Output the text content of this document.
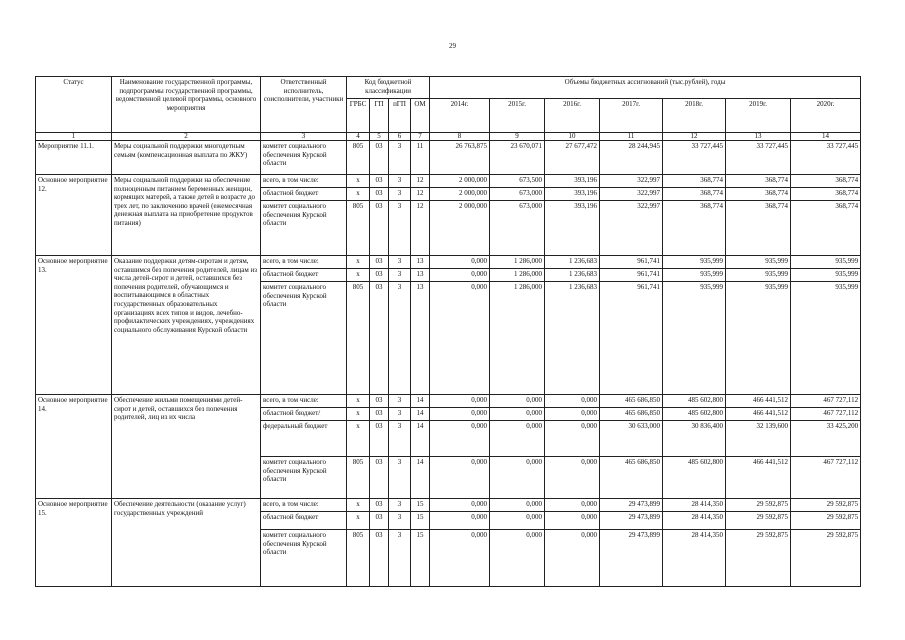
29
Статус	Наименование государственной программы, подпрограммы государственной программы, ведомственной целевой программы, основного мероприятия	Ответственный исполнитель, соисполнители, участники	Код бюджетной классификации				Объемы бюджетных ассигнований (тыс.рублей), годы						
			ГРБС	ГП	пГП	ОМ	2014г.	2015г.	2016г.	2017г.	2018г.	2019г.	2020г.
1	2	3	4	5	6	7	8	9	10	11	12	13	14
Мероприятие 11.1.	Меры социальной поддержки многодетным семьям (компенсационная выплата по ЖКУ)	комитет социального обеспечения Курской области	805	03	3	11	26 763,875	23 670,071	27 677,472	28 244,945	33 727,445	33 727,445	33 727,445
Основное мероприятие 12.	Меры социальной поддержки на обеспечение полноценным питанием беременных женщин, кормящих матерей, а также детей в возрасте до трех лет, по заключению врачей (ежемесячная денежная выплата на приобретение продуктов питания)	всего, в том числе:	x	03	3	12	2 000,000	673,500	393,196	322,997	368,774	368,774	368,774
		областной бюджет	x	03	3	12	2 000,000	673,000	393,196	322,997	368,774	368,774	368,774
		комитет социального обеспечения Курской области	805	03	3	12	2 000,000	673,000	393,196	322,997	368,774	368,774	368,774
Основное мероприятие 13.	Оказание поддержки детям-сиротам и детям, оставшимся без попечения родителей, лицам из числа детей-сирот и детей, оставшихся без попечения родителей, обучающимся и воспитывающимся в областных государственных образовательных организациях всех типов и видов, лечебно-профилактических учреждениях, учреждениях социального обслуживания Курской области	всего, в том числе:	x	03	3	13	0,000	1 286,000	1 236,683	961,741	935,999	935,999	935,999
		областной бюджет	x	03	3	13	0,000	1 286,000	1 236,683	961,741	935,999	935,999	935,999
		комитет социального обеспечения Курской области	805	03	3	13	0,000	1 286,000	1 236,683	961,741	935,999	935,999	935,999
Основное мероприятие 14.	Обеспечение жильми помещениями детей-сирот и детей, оставшихся без попечения родителей, лиц из их числа	всего, в том числе:	x	03	3	14	0,000	0,000	0,000	465 686,850	485 602,800	466 441,512	467 727,112
		областной бюджет/	x	03	3	14	0,000	0,000	0,000	465 686,850	485 602,800	466 441,512	467 727,112
		федеральный бюджет	x	03	3	14	0,000	0,000	0,000	30 633,000	30 836,400	32 139,600	33 425,200
		комитет социального обеспечения Курской области	805	03	3	14	0,000	0,000	0,000	465 686,850	485 602,800	466 441,512	467 727,112
Основное мероприятие 15.	Обеспечение деятельности (оказание услуг) государственных учреждений	всего, в том числе:	x	03	3	15	0,000	0,000	0,000	29 473,899	28 414,350	29 592,875	29 592,875
		областной бюджет	x	03	3	15	0,000	0,000	0,000	29 473,899	28 414,350	29 592,875	29 592,875
		комитет социального обеспечения Курской области	805	03	3	15	0,000	0,000	0,000	29 473,899	28 414,350	29 592,875	29 592,875
